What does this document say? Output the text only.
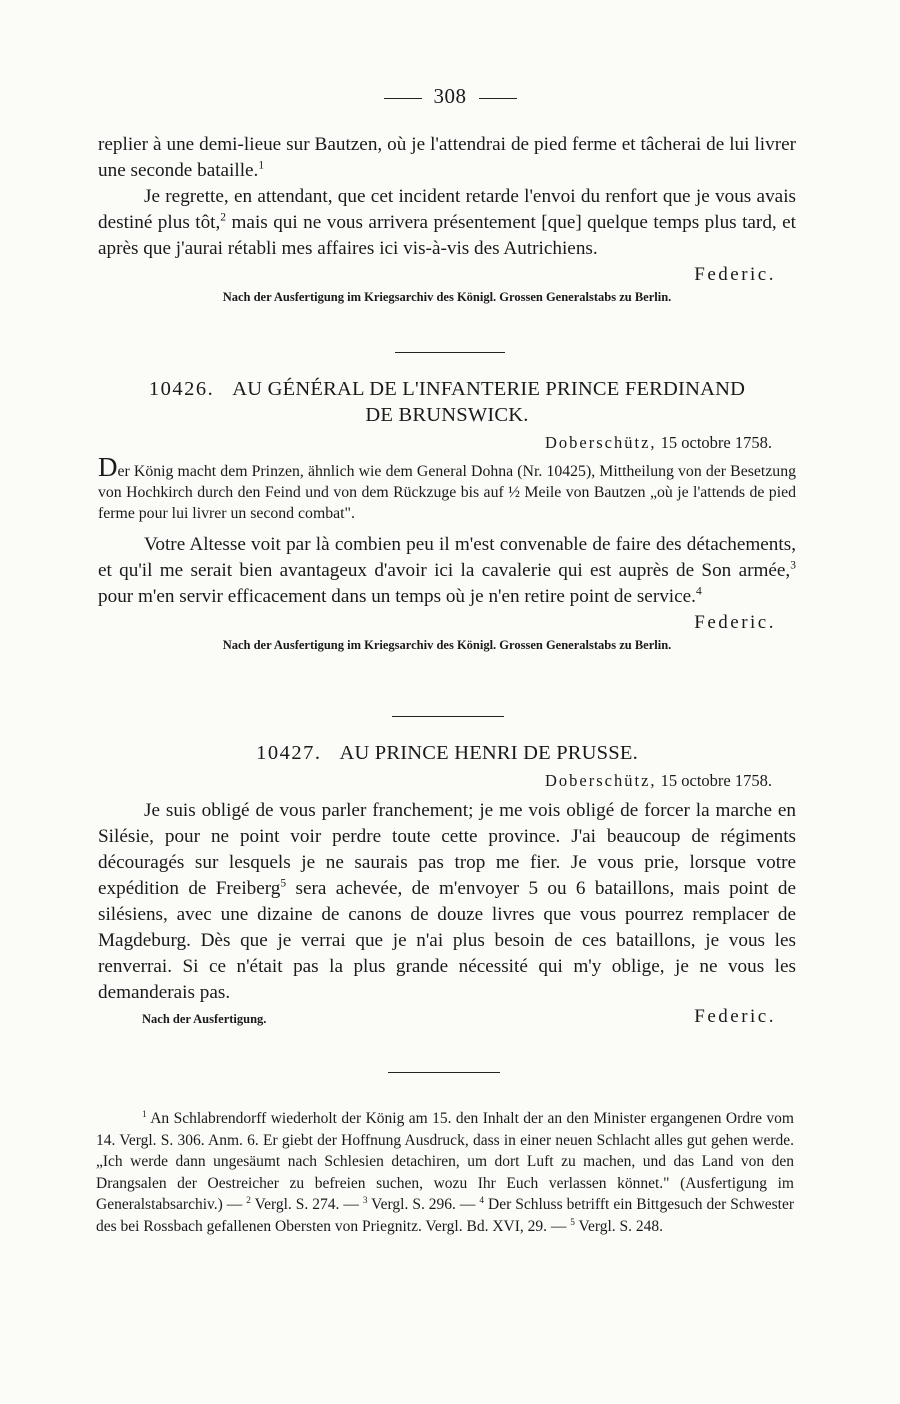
308

replier à une demi-lieue sur Bautzen, où je l'attendrai de pied ferme et tâcherai de lui livrer une seconde bataille.$^1$

Je regrette, en attendant, que cet incident retarde l'envoi du renfort que je vous avais destiné plus tôt,$^2$ mais qui ne vous arrivera présentement [que] quelque temps plus tard, et après que j'aurai rétabli mes affaires ici vis-à-vis des Autrichiens.

Federic.

Nach der Ausfertigung im Kriegsarchiv des Königl. Grossen Generalstabs zu Berlin.

10426. AU GÉNÉRAL DE L'INFANTERIE PRINCE FERDINAND
DE BRUNSWICK.
Doberschütz, 15 octobre 1758.

Der König macht dem Prinzen, ähnlich wie dem General Dohna (Nr. 10425), Mittheilung von der Besetzung von Hochkirch durch den Feind und von dem Rückzuge bis auf ½ Meile von Bautzen „où je l'attends de pied ferme pour lui livrer un second combat".

Votre Altesse voit par là combien peu il m'est convenable de faire des détachements, et qu'il me serait bien avantageux d'avoir ici la cavalerie qui est auprès de Son armée,$^3$ pour m'en servir efficacement dans un temps où je n'en retire point de service.$^4$

Federic.

Nach der Ausfertigung im Kriegsarchiv des Königl. Grossen Generalstabs zu Berlin.

10427. AU PRINCE HENRI DE PRUSSE.
Doberschütz, 15 octobre 1758.

Je suis obligé de vous parler franchement; je me vois obligé de forcer la marche en Silésie, pour ne point voir perdre toute cette province. J'ai beaucoup de régiments découragés sur lesquels je ne saurais pas trop me fier. Je vous prie, lorsque votre expédition de Freiberg$^5$ sera achevée, de m'envoyer 5 ou 6 bataillons, mais point de silésiens, avec une dizaine de canons de douze livres que vous pourrez remplacer de Magdeburg. Dès que je verrai que je n'ai plus besoin de ces bataillons, je vous les renverrai. Si ce n'était pas la plus grande nécessité qui m'y oblige, je ne vous les demanderais pas.

Nach der Ausfertigung.	Federic.

$^1$ An Schlabrendorff wiederholt der König am 15. den Inhalt der an den Minister ergangenen Ordre vom 14. Vergl. S. 306. Anm. 6. Er giebt der Hoffnung Ausdruck, dass in einer neuen Schlacht alles gut gehen werde. „Ich werde dann ungesäumt nach Schlesien detachiren, um dort Luft zu machen, und das Land von den Drangsalen der Oestreicher zu befreien suchen, wozu Ihr Euch verlassen könnet." (Ausfertigung im Generalstabsarchiv.) — $^2$ Vergl. S. 274. — $^3$ Vergl. S. 296. — $^4$ Der Schluss betrifft ein Bittgesuch der Schwester des bei Rossbach gefallenen Obersten von Priegnitz. Vergl. Bd. XVI, 29. — $^5$ Vergl. S. 248.
